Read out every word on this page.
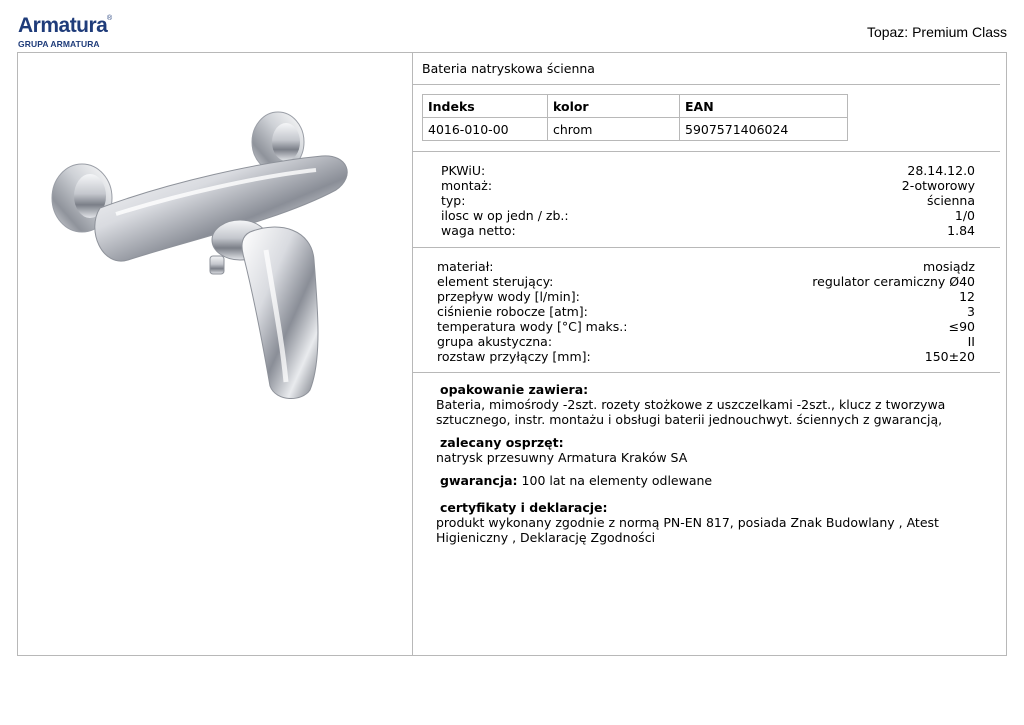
Armatura ®
GRUPA ARMATURA
Topaz: Premium Class
Bateria natryskowa ścienna
Indeks	kolor	EAN
4016-010-00	chrom	5907571406024
PKWiU:	28.14.12.0
montaż:	2-otworowy
typ:	ścienna
ilosc w op jedn / zb.:	1/0
waga netto:	1.84
materiał:	mosiądz
element sterujący:	regulator ceramiczny Ø40
przepływ wody [l/min]:	12
ciśnienie robocze [atm]:	3
temperatura wody [°C] maks.:	≤90
grupa akustyczna:	II
rozstaw przyłączy [mm]:	150±20
opakowanie zawiera:

Bateria, mimośrody -2szt. rozety stożkowe z uszczelkami -2szt., klucz z tworzywa sztucznego, instr. montażu i obsługi baterii jednouchwyt. ściennych z gwarancją,

zalecany osprzęt:

natrysk przesuwny Armatura Kraków SA

gwarancja: 100 lat na elementy odlewane

certyfikaty i deklaracje:

produkt wykonany zgodnie z normą PN-EN 817, posiada Znak Budowlany , Atest Higieniczny , Deklarację Zgodności
